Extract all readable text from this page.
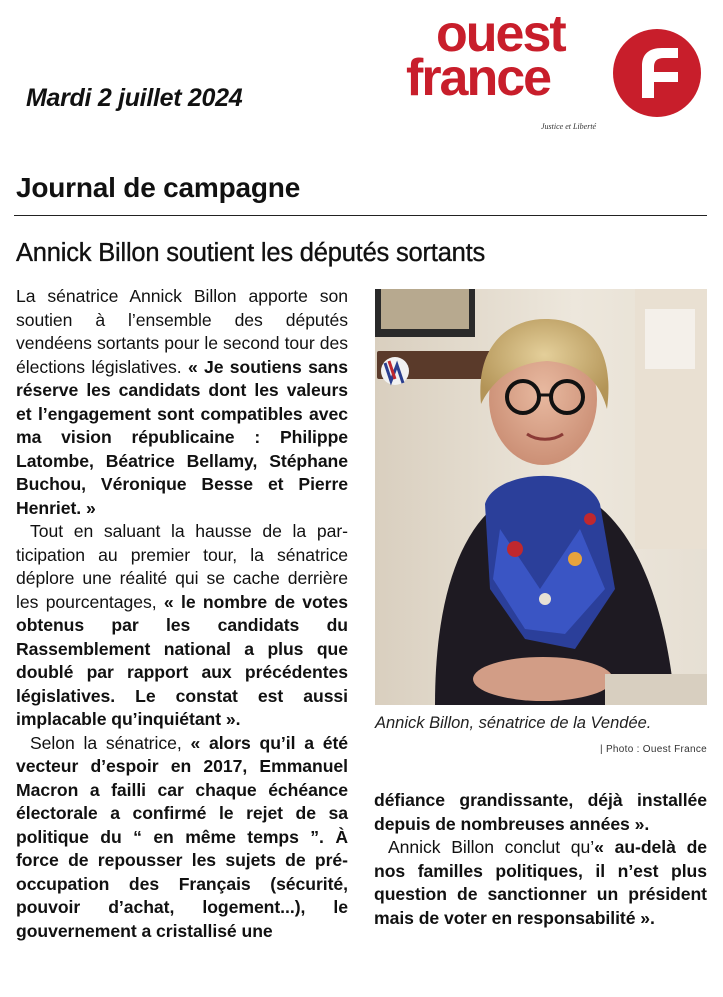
Mardi 2 juillet 2024
ouest
france
Justice et Liberté
Journal de campagne
Annick Billon soutient les députés sortants

La sénatrice Annick Billon apporte son soutien à l’ensemble des députés vendéens sortants pour le second tour des élections législatives. « Je soutiens sans réserve les candidats dont les valeurs et l’engagement sont compatibles avec ma vision républicaine : Philippe Latombe, Béatrice Bellamy, Stéphane Buchou, Véronique Besse et Pierre Henriet. »

Tout en saluant la hausse de la participation au premier tour, la sénatrice déplore une réalité qui se cache derrière les pourcentages, « le nombre de votes obtenus par les candidats du Rassemblement national a plus que doublé par rapport aux précédentes législatives. Le constat est aussi implacable qu’inquiétant ».

Selon la sénatrice, « alors qu’il a été vecteur d’espoir en 2017, Emmanuel Macron a failli car chaque échéance électorale a confirmé le rejet de sa politique du “ en même temps ”. À force de repousser les sujets de préoccupation des Français (sécurité, pouvoir d’achat, logement...), le gouvernement a cristallisé une

Annick Billon, sénatrice de la Vendée.
| Photo : Ouest France

défiance grandissante, déjà installée depuis de nombreuses années ».

Annick Billon conclut qu’« au-delà de nos familles politiques, il n’est plus question de sanctionner un président mais de voter en responsabilité ».
